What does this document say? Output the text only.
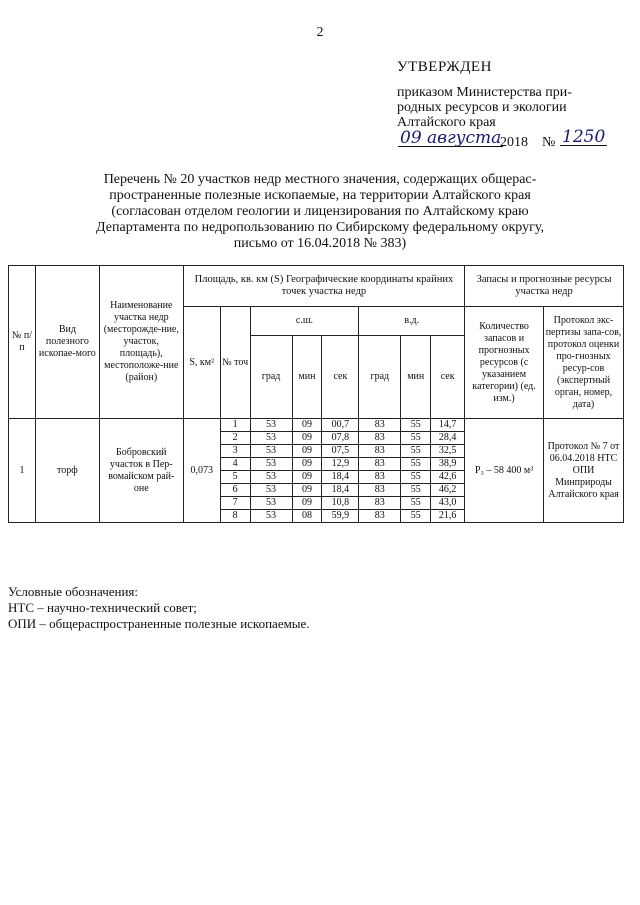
2
УТВЕРЖДЕН
приказом Министерства при-
родных ресурсов и экологии
Алтайского края
09 августа
2018 № 1250
Перечень № 20 участков недр местного значения, содержащих общерас-
пространенные полезные ископаемые, на территории Алтайского края
(согласован отделом геологии и лицензирования по Алтайскому краю
Департамента по недропользованию по Сибирскому федеральному округу,
письмо от 16.04.2018 № 383)
№ п/п	Вид полезного ископае-мого	Наименование участка недр (месторожде-ние, участок, площадь), местоположе-ние (район)	Площадь, кв. км (S) Географические координаты крайних точек участка недр								Запасы и прогнозные ресурсы участка недр	
			S, км²	№ точ	с.ш.			в.д.			Количество запасов и прогнозных ресурсов (с указанием категории) (ед. изм.)	Протокол экс-пертизы запа-сов, протокол оценки про-гнозных ресур-сов (экспертный орган, номер, дата)
					град	мин	сек	град	мин	сек		
1	торф	Бобровский участок в Пер-вомайском рай-оне	0,073	1	53	09	00,7	83	55	14,7	P₃ – 58 400 м³	Протокол № 7 от 06.04.2018 НТС ОПИ Минприроды Алтайского края
				2	53	09	07,8	83	55	28,4		
				3	53	09	07,5	83	55	32,5		
				4	53	09	12,9	83	55	38,9		
				5	53	09	18,4	83	55	42,6		
				6	53	09	18,4	83	55	46,2		
				7	53	09	10,8	83	55	43,0		
				8	53	08	59,9	83	55	21,6		
Условные обозначения:
НТС – научно-технический совет;
ОПИ – общераспространенные полезные ископаемые.
